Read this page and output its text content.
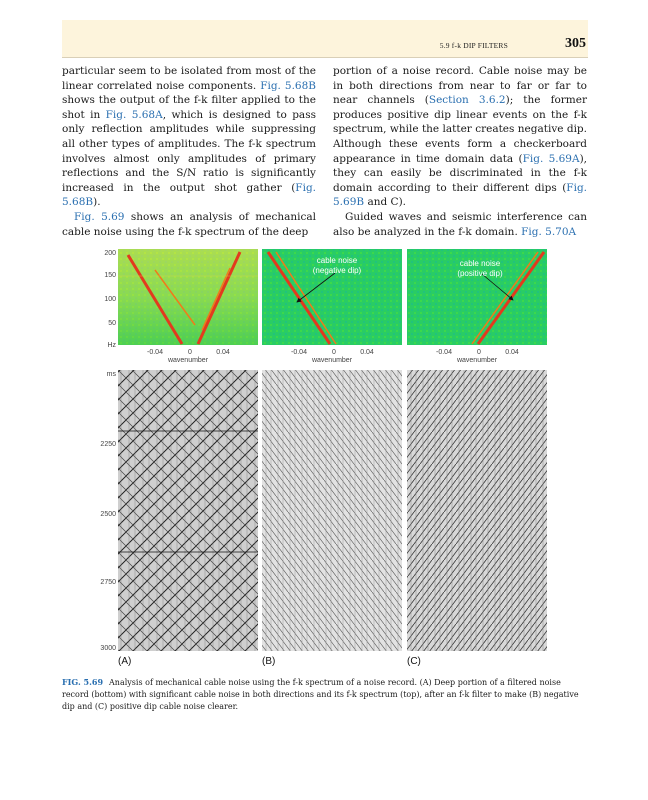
5.9 f-k DIP FILTERS	305

particular seem to be isolated from most of the linear correlated noise components. Fig. 5.68B shows the output of the f-k filter applied to the shot in Fig. 5.68A, which is designed to pass only reflection amplitudes while suppressing all other types of amplitudes. The f-k spectrum involves almost only amplitudes of primary reflections and the S/N ratio is significantly increased in the output shot gather (Fig. 5.68B).

Fig. 5.69 shows an analysis of mechanical cable noise using the f-k spectrum of the deep

portion of a noise record. Cable noise may be in both directions from near to far or far to near channels (Section 3.6.2); the former produces positive dip linear events on the f-k spectrum, while the latter creates negative dip. Although these events form a checkerboard appearance in time domain data (Fig. 5.69A), they can easily be discriminated in the f-k domain according to their different dips (Fig. 5.69B and C).

Guided waves and seismic interference can also be analyzed in the f-k domain. Fig. 5.70A

cable noise
(negative dip)
cable noise
(positive dip)
200
150
100
50
Hz
-0.04	0	0.04
wavenumber
-0.04	0	0.04
wavenumber
-0.04	0	0.04
wavenumber
ms
2250
2500
2750
3000
(A)	(B)	(C)
FIG. 5.69 Analysis of mechanical cable noise using the f-k spectrum of a noise record. (A) Deep portion of a filtered noise record (bottom) with significant cable noise in both directions and its f-k spectrum (top), after an f-k filter to make (B) negative dip and (C) positive dip cable noise clearer.
